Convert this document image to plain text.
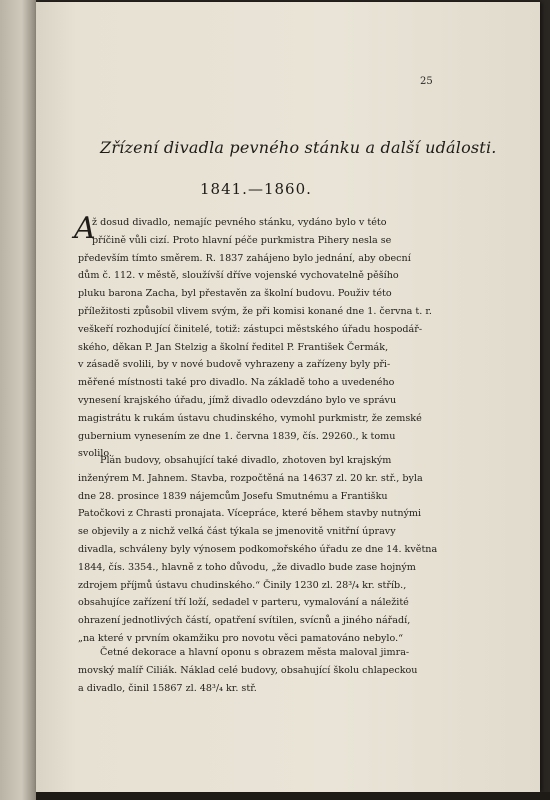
25
Zřízení divadla pevného stánku a další události.
1841.—1860.
A
ž dosud divadlo, nemajíc pevného stánku, vydáno bylo v této
příčině vůli cizí. Proto hlavní péče purkmistra Pihery nesla se
především tímto směrem. R. 1837 zahájeno bylo jednání, aby obecní
dům č. 112. v městě, sloužívší dříve vojenské vychovatelně pěšího
pluku barona Zacha, byl přestavěn za školní budovu. Použiv této
příležitosti způsobil vlivem svým, že při komisi konané dne 1. června t. r.
veškeří rozhodující činitelé, totiž: zástupci městského úřadu hospodář-
ského, děkan P. Jan Stelzig a školní ředitel P. František Čermák,
v zásadě svolili, by v nové budově vyhrazeny a zařízeny byly při-
měřené místnosti také pro divadlo. Na základě toho a uvedeného
vynesení krajského úřadu, jímž divadlo odevzdáno bylo ve správu
magistrátu k rukám ústavu chudinského, vymohl purkmistr, že zemské
gubernium vynesením ze dne 1. června 1839, čís. 29260., k tomu
svolilo.
Plán budovy, obsahující také divadlo, zhotoven byl krajským
inženýrem M. Jahnem. Stavba, rozpočtěná na 14637 zl. 20 kr. stř., byla
dne 28. prosince 1839 nájemcům Josefu Smutnému a Františku
Patočkovi z Chrasti pronajata. Vícepráce, které během stavby nutnými
se objevily a z nichž velká část týkala se jmenovitě vnitřní úpravy
divadla, schváleny byly výnosem podkomořského úřadu ze dne 14. května
1844, čís. 3354., hlavně z toho důvodu, „že divadlo bude zase hojným
zdrojem příjmů ústavu chudinského.“ Činily 1230 zl. 28³/₄ kr. stříb.,
obsahujíce zařízení tří loží, sedadel v parteru, vymalování a náležité
ohrazení jednotlivých částí, opatření svítilen, svícnů a jiného nářadí,
„na které v prvním okamžiku pro novotu věci pamatováno nebylo.“
Četné dekorace a hlavní oponu s obrazem města maloval jimra-
movský malíř Ciliák. Náklad celé budovy, obsahující školu chlapeckou
a divadlo, činil 15867 zl. 48³/₄ kr. stř.
